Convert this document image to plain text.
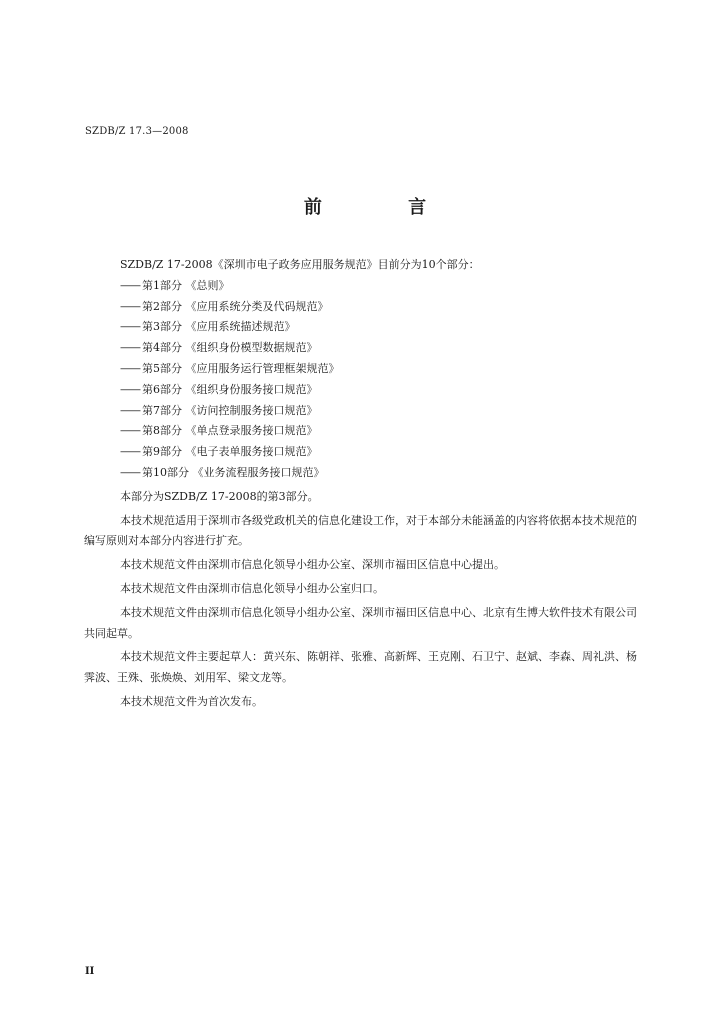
SZDB/Z 17.3—2008
前 言

SZDB/Z 17-2008《深圳市电子政务应用服务规范》目前分为10个部分：

—— 第1部分 《总则》
—— 第2部分 《应用系统分类及代码规范》
—— 第3部分 《应用系统描述规范》
—— 第4部分 《组织身份模型数据规范》
—— 第5部分 《应用服务运行管理框架规范》
—— 第6部分 《组织身份服务接口规范》
—— 第7部分 《访问控制服务接口规范》
—— 第8部分 《单点登录服务接口规范》
—— 第9部分 《电子表单服务接口规范》
—— 第10部分 《业务流程服务接口规范》

本部分为SZDB/Z 17-2008的第3部分。

本技术规范适用于深圳市各级党政机关的信息化建设工作，对于本部分未能涵盖的内容将依据本技术规范的编写原则对本部分内容进行扩充。

本技术规范文件由深圳市信息化领导小组办公室、深圳市福田区信息中心提出。

本技术规范文件由深圳市信息化领导小组办公室归口。

本技术规范文件由深圳市信息化领导小组办公室、深圳市福田区信息中心、北京有生博大软件技术有限公司共同起草。

本技术规范文件主要起草人：黄兴东、陈朝祥、张雅、高新辉、王克刚、石卫宁、赵斌、李森、周礼洪、杨霁波、王殊、张焕焕、刘用军、梁文龙等。

本技术规范文件为首次发布。

II
